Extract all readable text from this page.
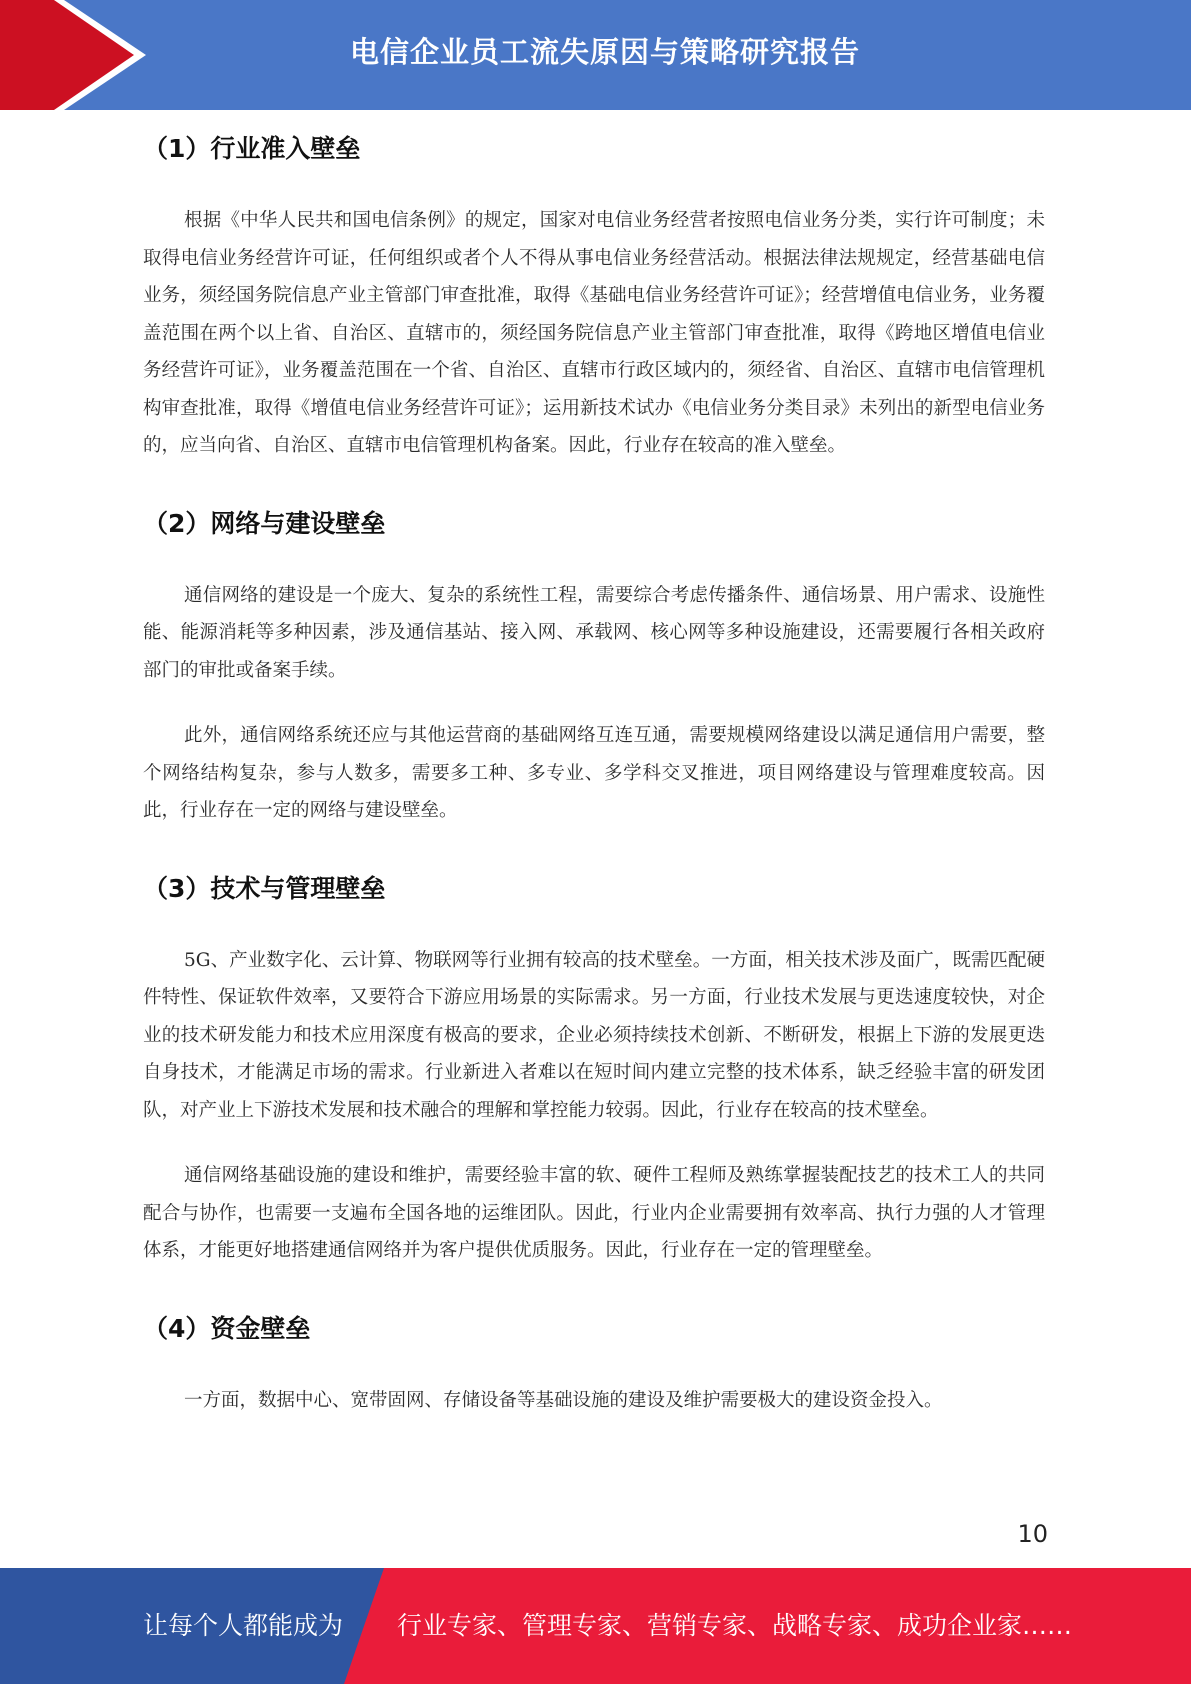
电信企业员工流失原因与策略研究报告
（1）行业准入壁垒

根据《中华人民共和国电信条例》的规定，国家对电信业务经营者按照电信业务分类，实行许可制度；未取得电信业务经营许可证，任何组织或者个人不得从事电信业务经营活动。根据法律法规规定，经营基础电信业务，须经国务院信息产业主管部门审查批准，取得《基础电信业务经营许可证》；经营增值电信业务，业务覆盖范围在两个以上省、自治区、直辖市的，须经国务院信息产业主管部门审查批准，取得《跨地区增值电信业务经营许可证》，业务覆盖范围在一个省、自治区、直辖市行政区域内的，须经省、自治区、直辖市电信管理机构审查批准，取得《增值电信业务经营许可证》；运用新技术试办《电信业务分类目录》未列出的新型电信业务的，应当向省、自治区、直辖市电信管理机构备案。因此，行业存在较高的准入壁垒。

（2）网络与建设壁垒

通信网络的建设是一个庞大、复杂的系统性工程，需要综合考虑传播条件、通信场景、用户需求、设施性能、能源消耗等多种因素，涉及通信基站、接入网、承载网、核心网等多种设施建设，还需要履行各相关政府部门的审批或备案手续。

此外，通信网络系统还应与其他运营商的基础网络互连互通，需要规模网络建设以满足通信用户需要，整个网络结构复杂，参与人数多，需要多工种、多专业、多学科交叉推进，项目网络建设与管理难度较高。因此，行业存在一定的网络与建设壁垒。

（3）技术与管理壁垒

5G、产业数字化、云计算、物联网等行业拥有较高的技术壁垒。一方面，相关技术涉及面广，既需匹配硬件特性、保证软件效率，又要符合下游应用场景的实际需求。另一方面，行业技术发展与更迭速度较快，对企业的技术研发能力和技术应用深度有极高的要求，企业必须持续技术创新、不断研发，根据上下游的发展更迭自身技术，才能满足市场的需求。行业新进入者难以在短时间内建立完整的技术体系，缺乏经验丰富的研发团队，对产业上下游技术发展和技术融合的理解和掌控能力较弱。因此，行业存在较高的技术壁垒。

通信网络基础设施的建设和维护，需要经验丰富的软、硬件工程师及熟练掌握装配技艺的技术工人的共同配合与协作，也需要一支遍布全国各地的运维团队。因此，行业内企业需要拥有效率高、执行力强的人才管理体系，才能更好地搭建通信网络并为客户提供优质服务。因此，行业存在一定的管理壁垒。

（4）资金壁垒

一方面，数据中心、宽带固网、存储设备等基础设施的建设及维护需要极大的建设资金投入。

10
让每个人都能成为 行业专家、管理专家、营销专家、战略专家、成功企业家……
